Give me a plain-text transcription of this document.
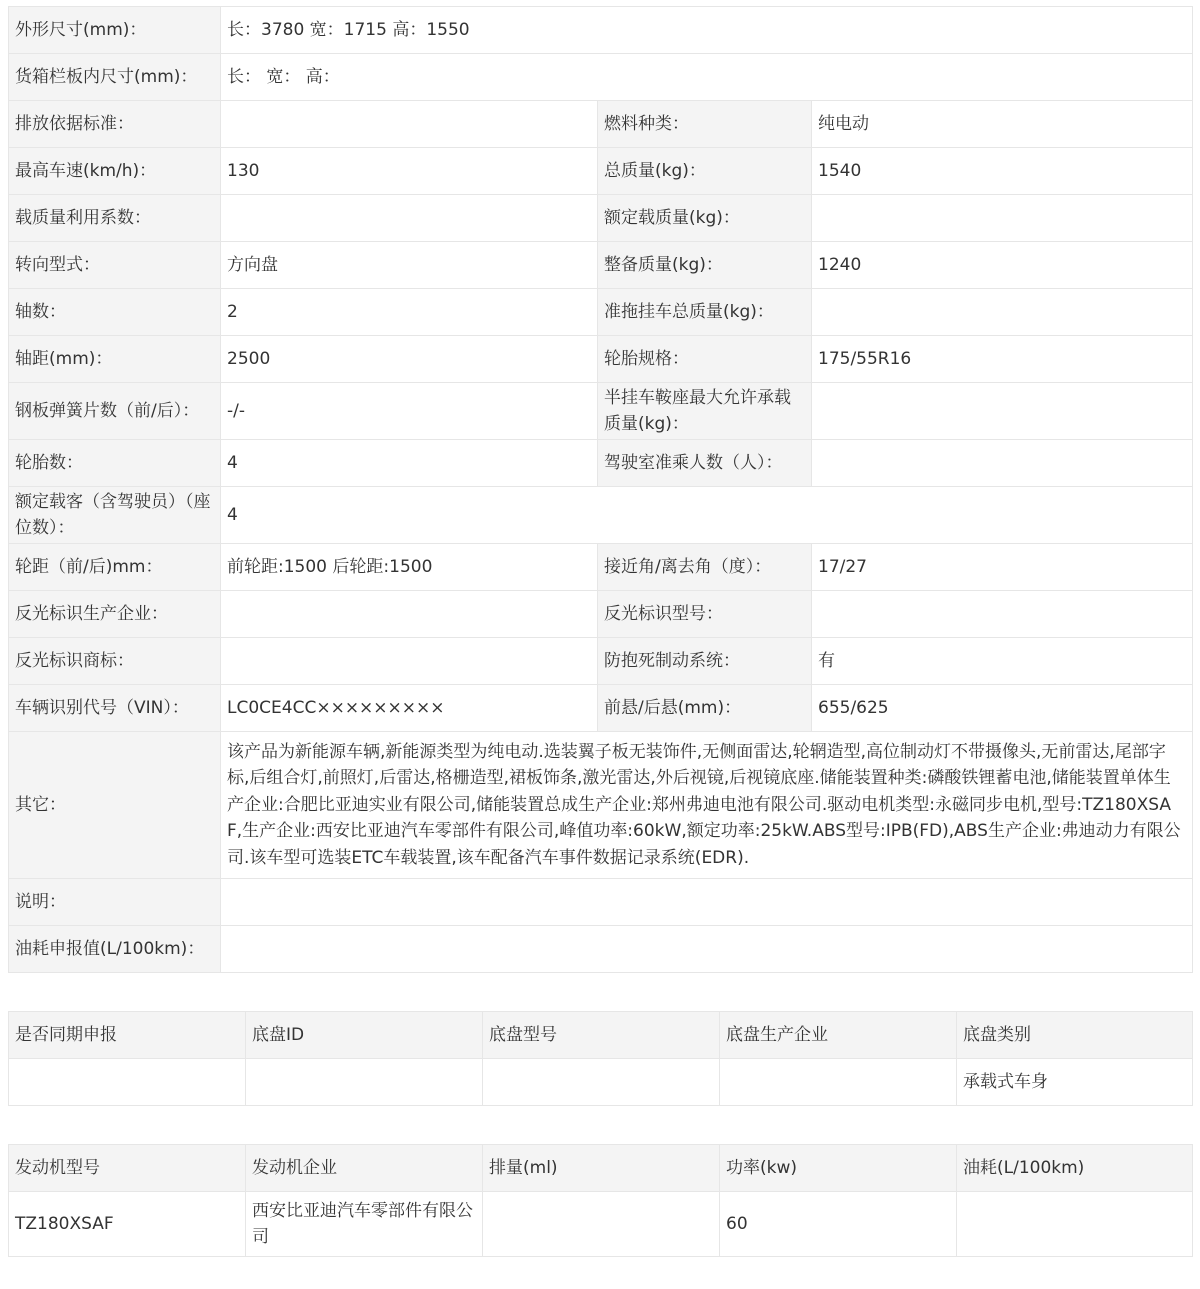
外形尺寸(mm)：	长：3780 宽：1715 高：1550		
货箱栏板内尺寸(mm)：	长： 宽： 高：		
排放依据标准：		燃料种类：	纯电动
最高车速(km/h)：	130	总质量(kg)：	1540
载质量利用系数：		额定载质量(kg)：	
转向型式：	方向盘	整备质量(kg)：	1240
轴数：	2	准拖挂车总质量(kg)：	
轴距(mm)：	2500	轮胎规格：	175/55R16
钢板弹簧片数（前/后）：	-/-	半挂车鞍座最大允许承载质量(kg)：	
轮胎数：	4	驾驶室准乘人数（人）：	
额定载客（含驾驶员）（座位数）：	4		
轮距（前/后)mm：	前轮距:1500 后轮距:1500	接近角/离去角（度）：	17/27
反光标识生产企业：		反光标识型号：	
反光标识商标：		防抱死制动系统：	有
车辆识别代号（VIN）：	LC0CE4CC×××××××××	前悬/后悬(mm)：	655/625
其它：	该产品为新能源车辆,新能源类型为纯电动.选装翼子板无装饰件,无侧面雷达,轮辋造型,高位制动灯不带摄像头,无前雷达,尾部字标,后组合灯,前照灯,后雷达,格栅造型,裙板饰条,激光雷达,外后视镜,后视镜底座.储能装置种类:磷酸铁锂蓄电池,储能装置单体生产企业:合肥比亚迪实业有限公司,储能装置总成生产企业:郑州弗迪电池有限公司.驱动电机类型:永磁同步电机,型号:TZ180XSAF,生产企业:西安比亚迪汽车零部件有限公司,峰值功率:60kW,额定功率:25kW.ABS型号:IPB(FD),ABS生产企业:弗迪动力有限公司.该车型可选装ETC车载装置,该车配备汽车事件数据记录系统(EDR).		
说明：			
油耗申报值(L/100km)：			
是否同期申报	底盘ID	底盘型号	底盘生产企业	底盘类别
				承载式车身
发动机型号	发动机企业	排量(ml)	功率(kw)	油耗(L/100km)
TZ180XSAF	西安比亚迪汽车零部件有限公司		60	
